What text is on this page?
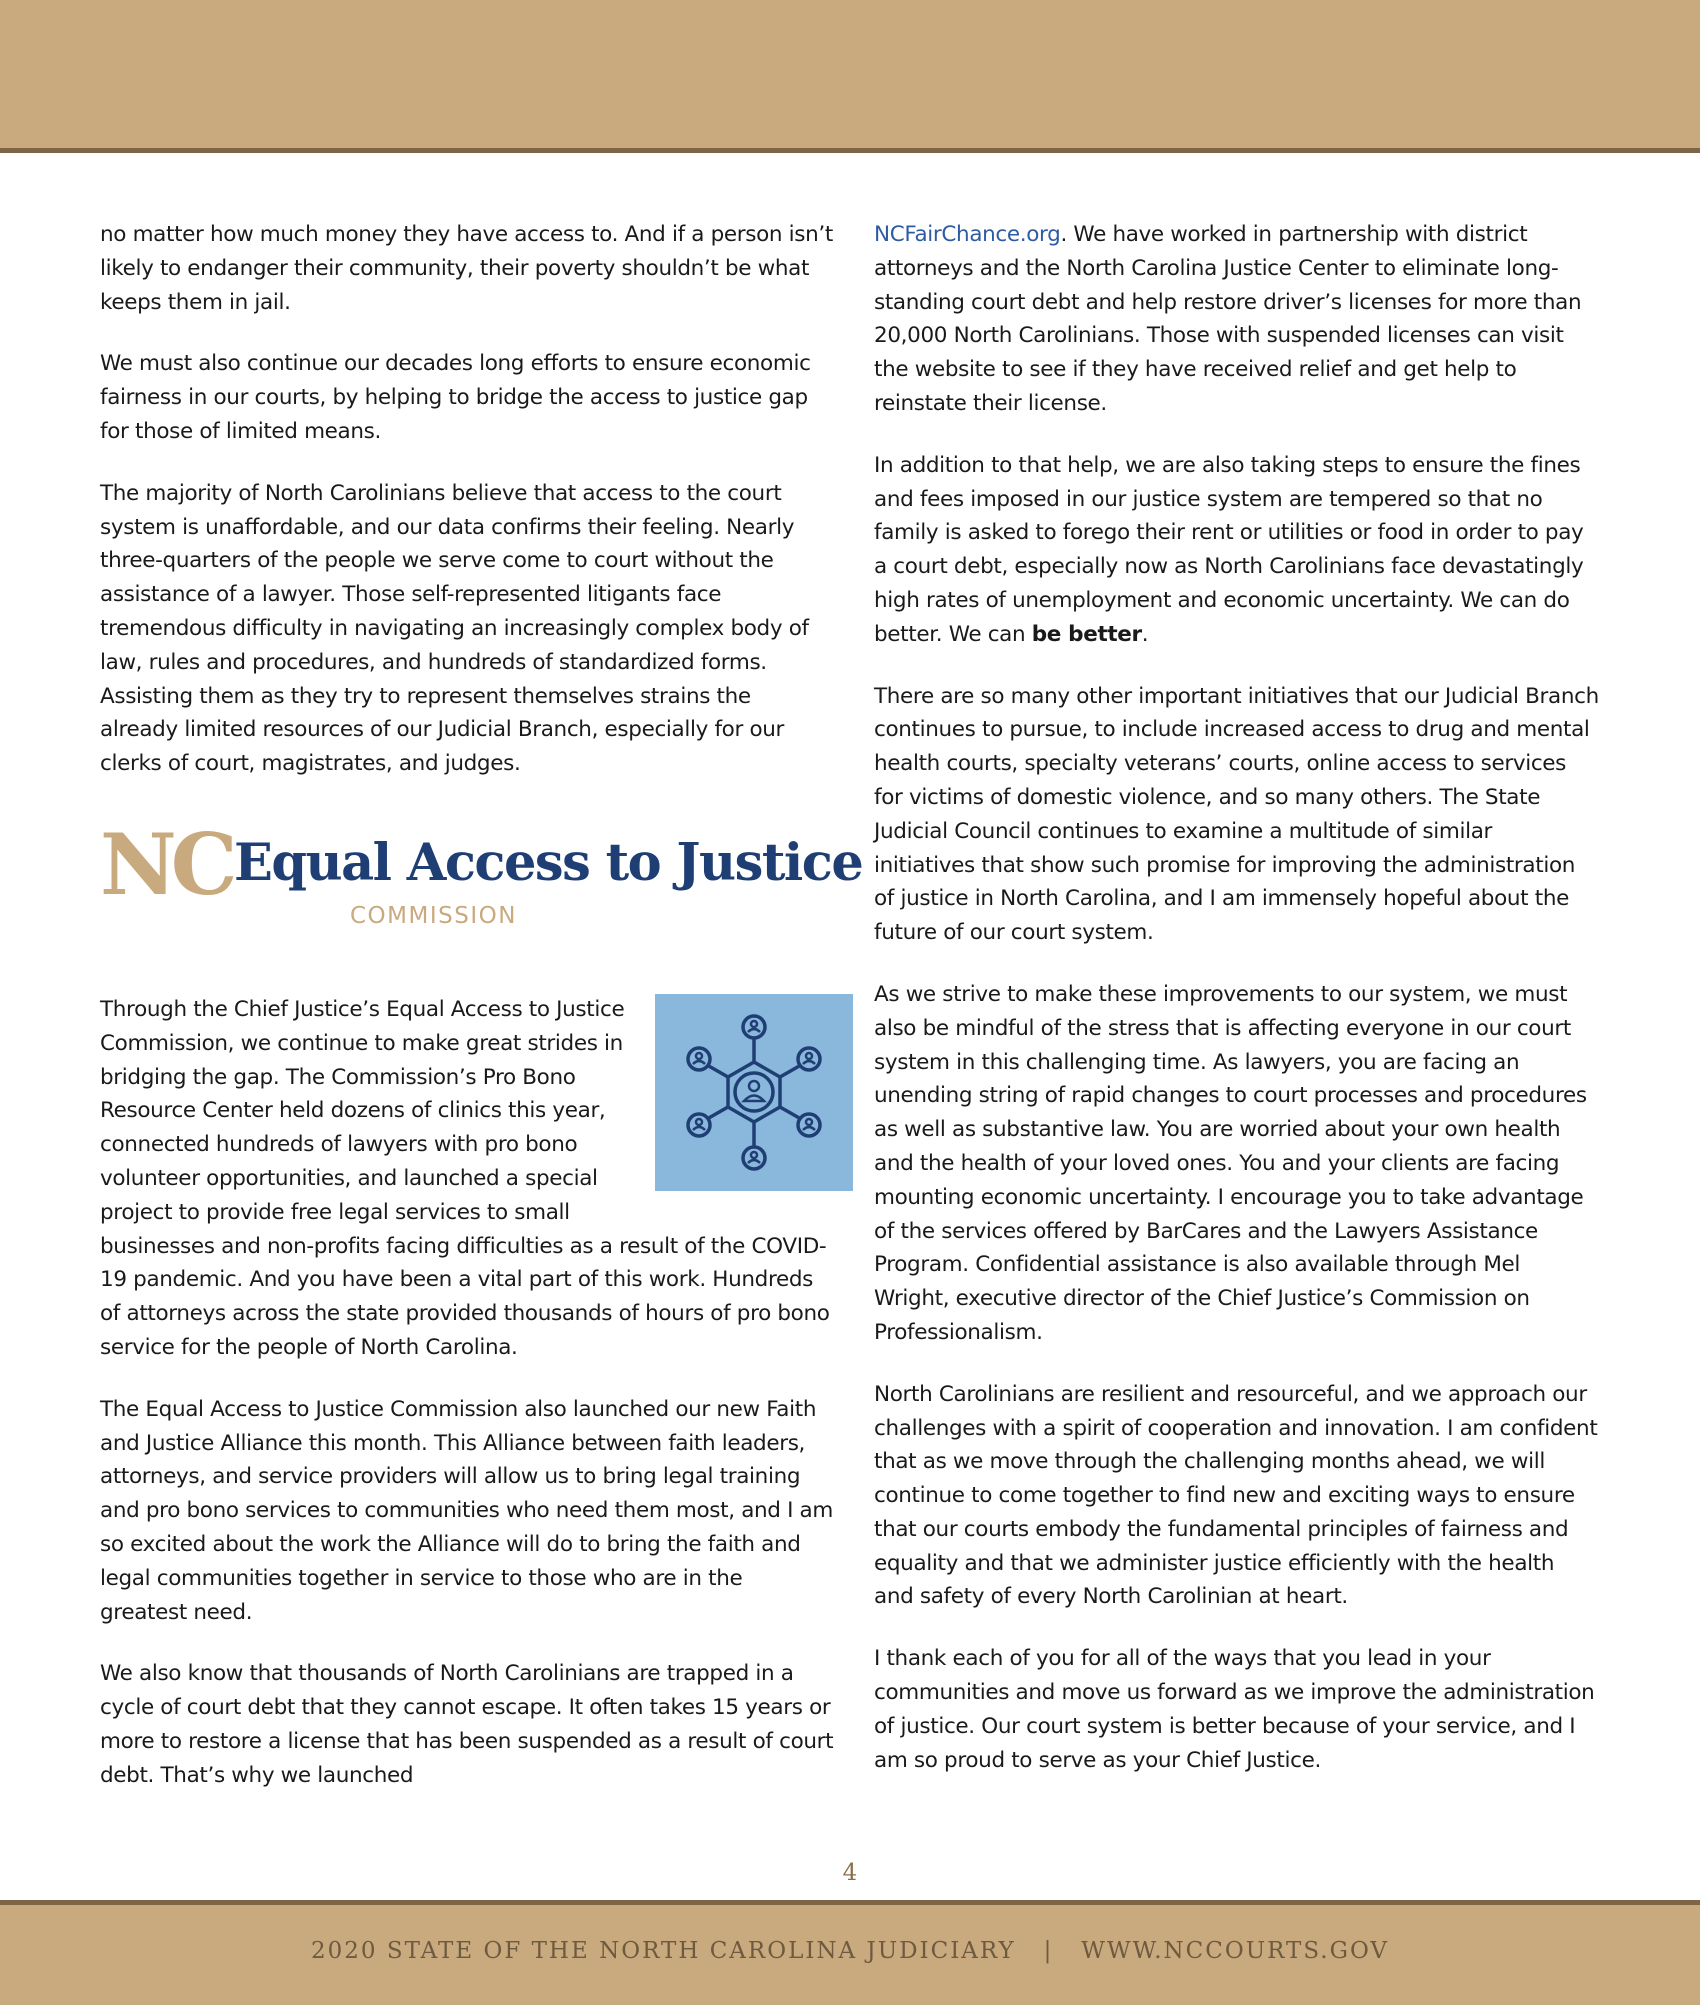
no matter how much money they have access to. And if a person isn’t likely to endanger their community, their poverty shouldn’t be what keeps them in jail.

We must also continue our decades long efforts to ensure economic fairness in our courts, by helping to bridge the access to justice gap for those of limited means.

The majority of North Carolinians believe that access to the court system is unaffordable, and our data confirms their feeling. Nearly three-quarters of the people we serve come to court without the assistance of a lawyer. Those self-represented litigants face tremendous difficulty in navigating an increasingly complex body of law, rules and procedures, and hundreds of standardized forms. Assisting them as they try to represent themselves strains the already limited resources of our Judicial Branch, especially for our clerks of court, magistrates, and judges.

NC Equal Access to Justice
COMMISSION

Through the Chief Justice’s Equal Access to Justice Commission, we continue to make great strides in bridging the gap. The Commission’s Pro Bono Resource Center held dozens of clinics this year, connected hundreds of lawyers with pro bono volunteer opportunities, and launched a special project to provide free legal services to small businesses and non-profits facing difficulties as a result of the COVID-19 pandemic. And you have been a vital part of this work. Hundreds of attorneys across the state provided thousands of hours of pro bono service for the people of North Carolina.

The Equal Access to Justice Commission also launched our new Faith and Justice Alliance this month. This Alliance between faith leaders, attorneys, and service providers will allow us to bring legal training and pro bono services to communities who need them most, and I am so excited about the work the Alliance will do to bring the faith and legal communities together in service to those who are in the greatest need.

We also know that thousands of North Carolinians are trapped in a cycle of court debt that they cannot escape. It often takes 15 years or more to restore a license that has been suspended as a result of court debt. That’s why we launched

NCFairChance.org. We have worked in partnership with district attorneys and the North Carolina Justice Center to eliminate long-standing court debt and help restore driver’s licenses for more than 20,000 North Carolinians. Those with suspended licenses can visit the website to see if they have received relief and get help to reinstate their license.

In addition to that help, we are also taking steps to ensure the fines and fees imposed in our justice system are tempered so that no family is asked to forego their rent or utilities or food in order to pay a court debt, especially now as North Carolinians face devastatingly high rates of unemployment and economic uncertainty. We can do better. We can be better.

There are so many other important initiatives that our Judicial Branch continues to pursue, to include increased access to drug and mental health courts, specialty veterans’ courts, online access to services for victims of domestic violence, and so many others. The State Judicial Council continues to examine a multitude of similar initiatives that show such promise for improving the administration of justice in North Carolina, and I am immensely hopeful about the future of our court system.

As we strive to make these improvements to our system, we must also be mindful of the stress that is affecting everyone in our court system in this challenging time. As lawyers, you are facing an unending string of rapid changes to court processes and procedures as well as substantive law. You are worried about your own health and the health of your loved ones. You and your clients are facing mounting economic uncertainty. I encourage you to take advantage of the services offered by BarCares and the Lawyers Assistance Program. Confidential assistance is also available through Mel Wright, executive director of the Chief Justice’s Commission on Professionalism.

North Carolinians are resilient and resourceful, and we approach our challenges with a spirit of cooperation and innovation. I am confident that as we move through the challenging months ahead, we will continue to come together to find new and exciting ways to ensure that our courts embody the fundamental principles of fairness and equality and that we administer justice efficiently with the health and safety of every North Carolinian at heart.

I thank each of you for all of the ways that you lead in your communities and move us forward as we improve the administration of justice. Our court system is better because of your service, and I am so proud to serve as your Chief Justice.

4
2020 STATE OF THE NORTH CAROLINA JUDICIARY   |   WWW.NCCOURTS.GOV
